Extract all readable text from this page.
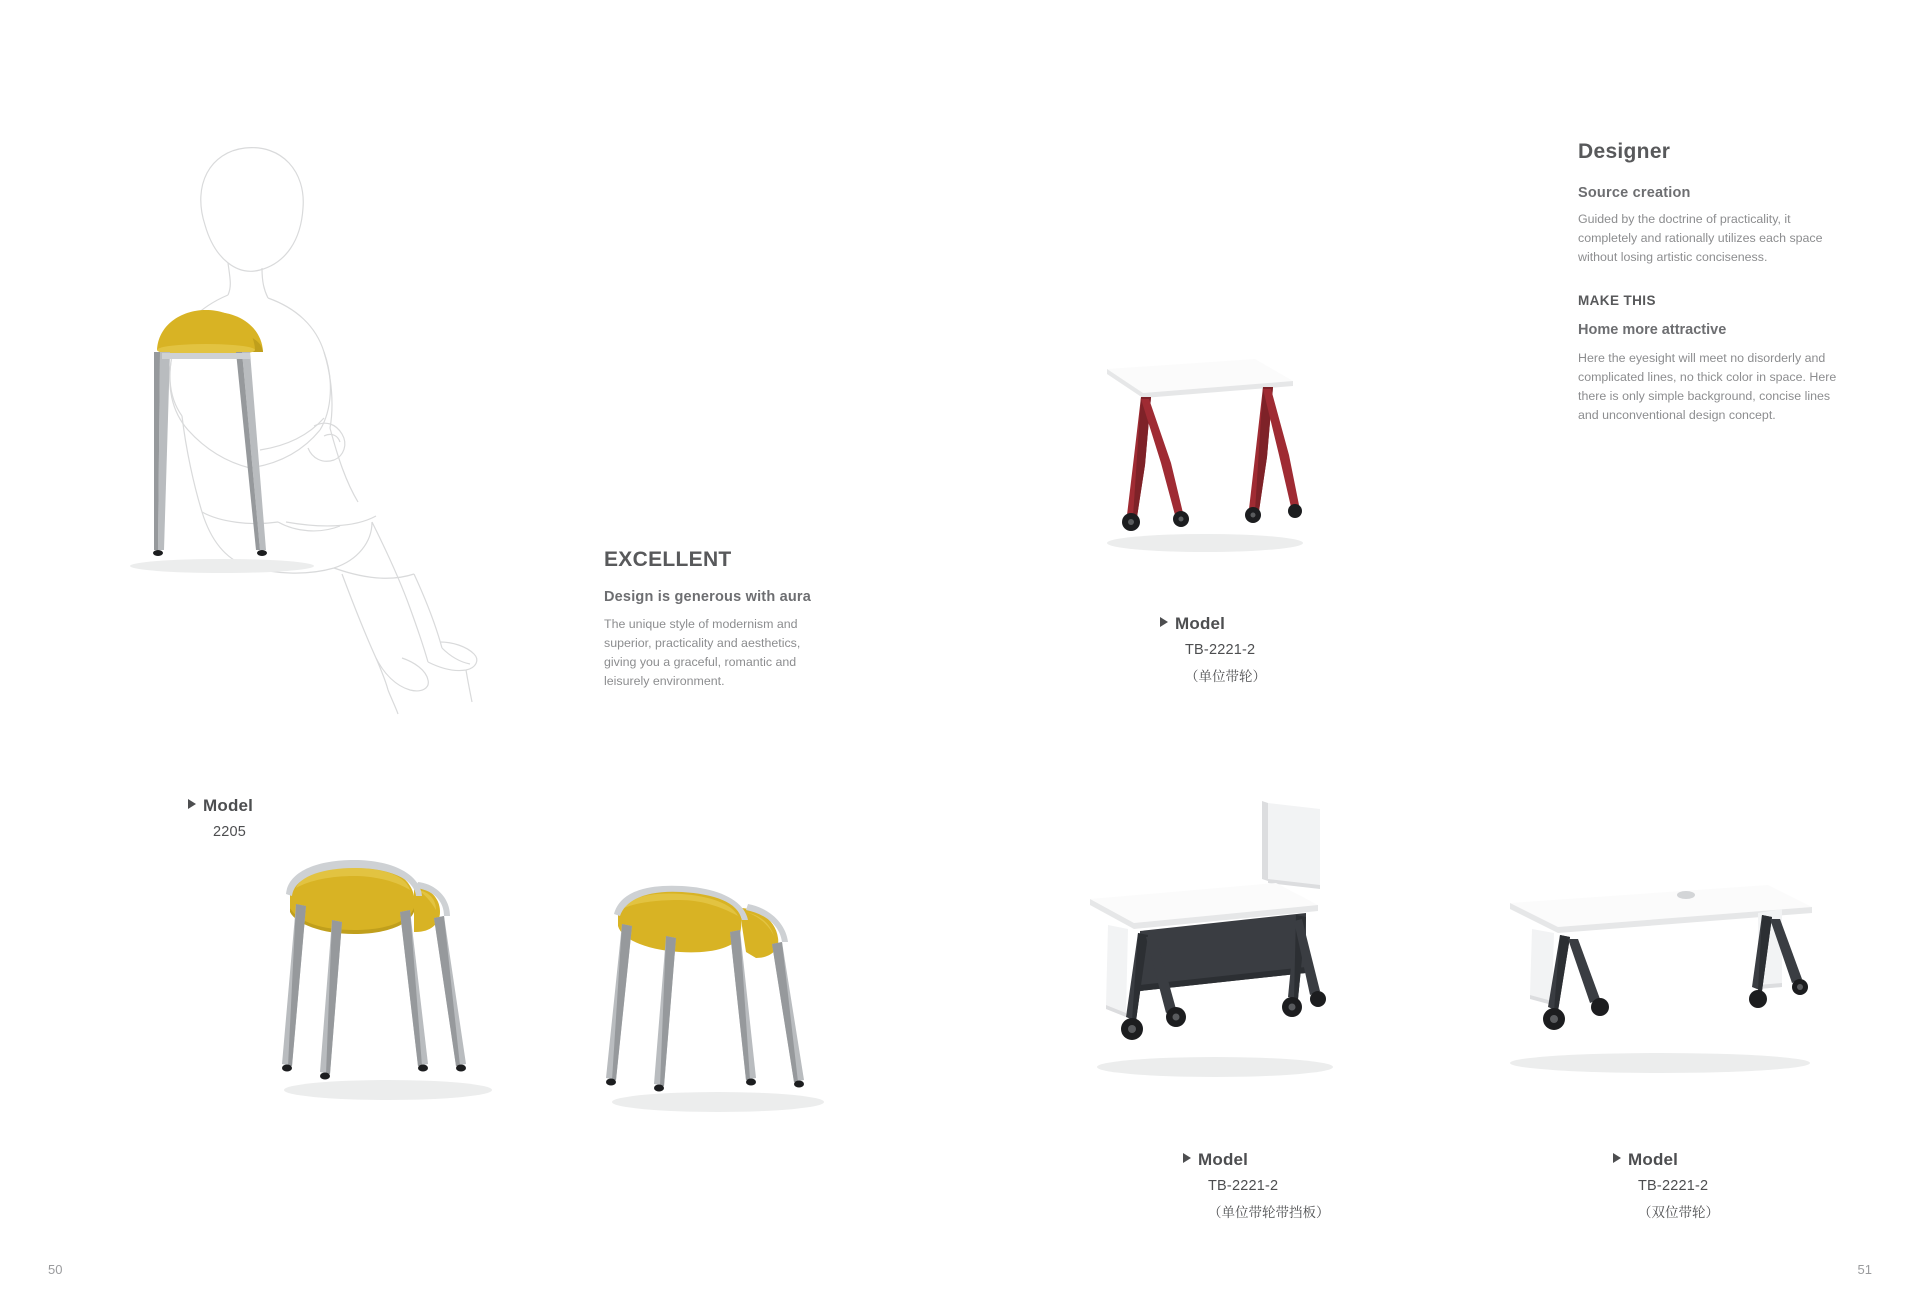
EXCELLENT
Design is generous with aura
The unique style of modernism and superior, practicality and aesthetics, giving you a graceful, romantic and leisurely environment.
Designer
Source creation
Guided by the doctrine of practicality, it completely and rationally utilizes each space without losing artistic conciseness.
MAKE THIS
Home more attractive
Here the eyesight will meet no disorderly and complicated lines, no thick color in space. Here there is only simple background, concise lines and unconventional design concept.
Model
TB-2221-2
（单位带轮）
Model
2205
Model
TB-2221-2
（单位带轮带挡板）
Model
TB-2221-2
（双位带轮）
50	51
